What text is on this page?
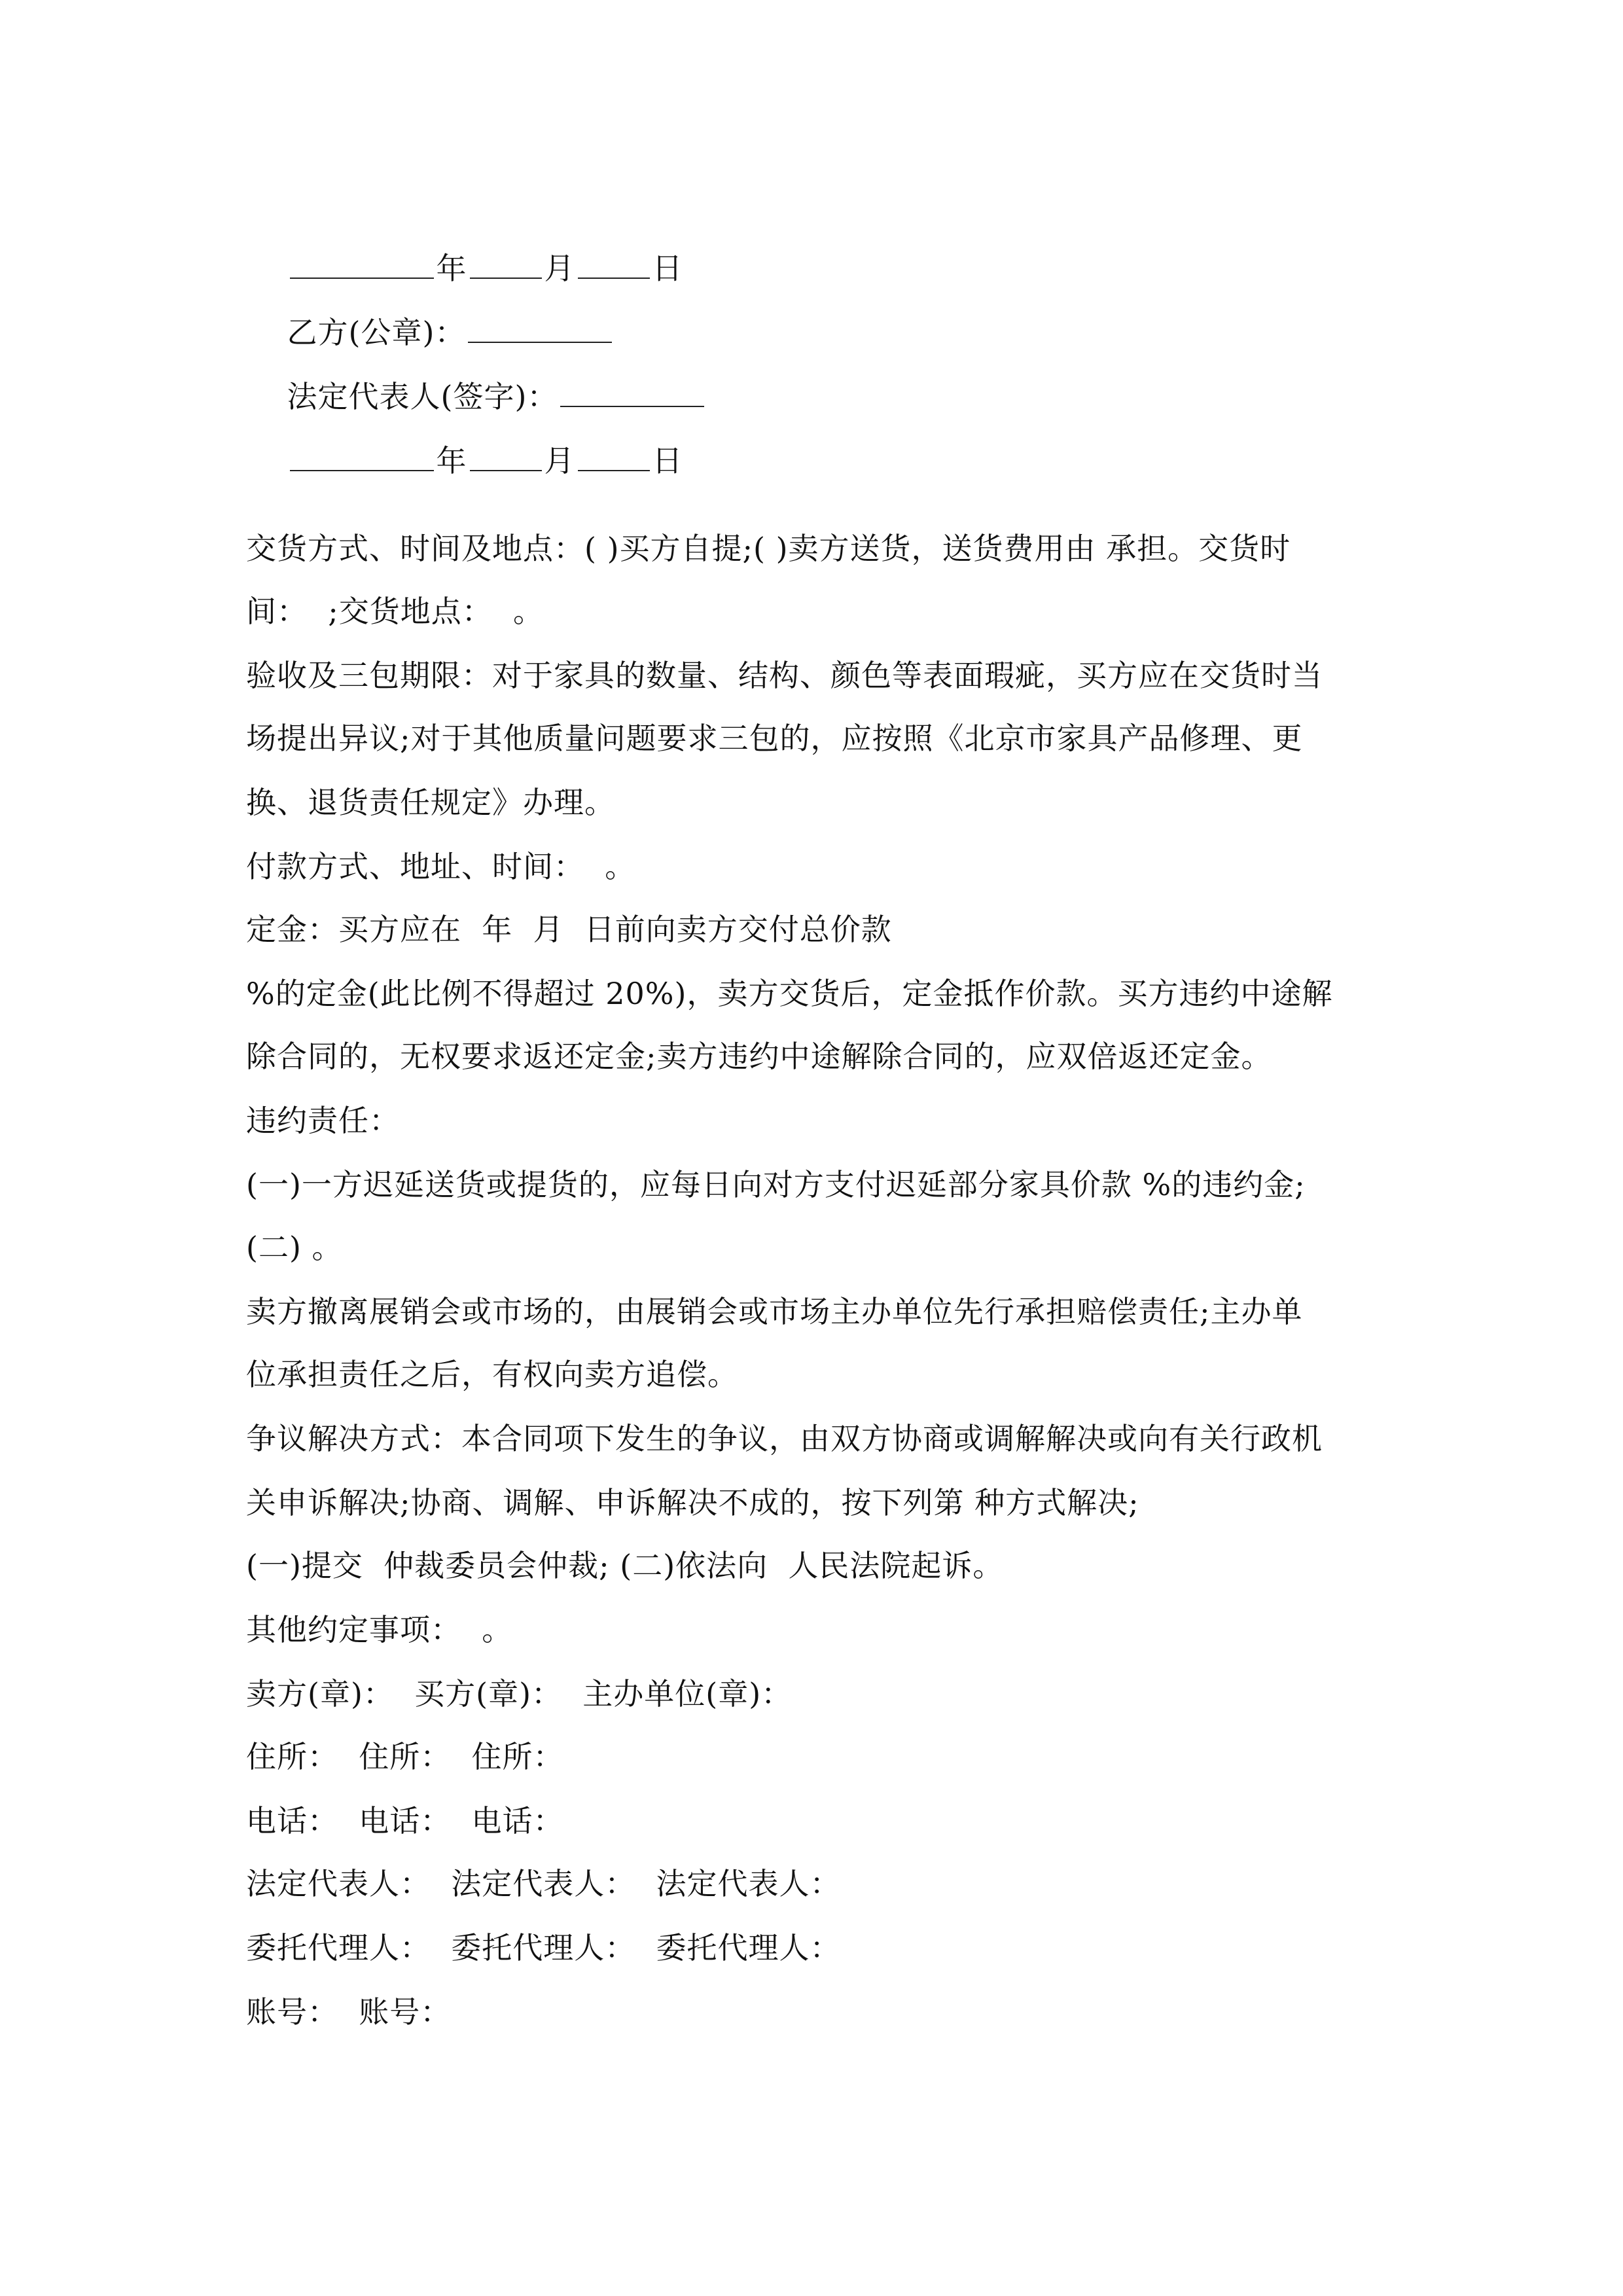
年	月	日

乙方(公章)：

法定代表人(签字)：

年	月	日

交货方式、时间及地点：( )买方自提;( )卖方送货，送货费用由 承担。交货时
间：  ;交货地点：  。
验收及三包期限：对于家具的数量、结构、颜色等表面瑕疵，买方应在交货时当
场提出异议;对于其他质量问题要求三包的，应按照《北京市家具产品修理、更
换、退货责任规定》办理。
付款方式、地址、时间：  。
定金：买方应在  年  月  日前向卖方交付总价款
%的定金(此比例不得超过 20%)，卖方交货后，定金抵作价款。买方违约中途解
除合同的，无权要求返还定金;卖方违约中途解除合同的，应双倍返还定金。
违约责任：
(一)一方迟延送货或提货的，应每日向对方支付迟延部分家具价款 %的违约金;
(二) 。
卖方撤离展销会或市场的，由展销会或市场主办单位先行承担赔偿责任;主办单
位承担责任之后，有权向卖方追偿。
争议解决方式：本合同项下发生的争议，由双方协商或调解解决或向有关行政机
关申诉解决;协商、调解、申诉解决不成的，按下列第 种方式解决;
(一)提交  仲裁委员会仲裁; (二)依法向  人民法院起诉。
其他约定事项：  。
卖方(章)：  买方(章)：  主办单位(章)：
住所：  住所：  住所：
电话：  电话：  电话：
法定代表人：  法定代表人：  法定代表人：
委托代理人：  委托代理人：  委托代理人：
账号：  账号：
